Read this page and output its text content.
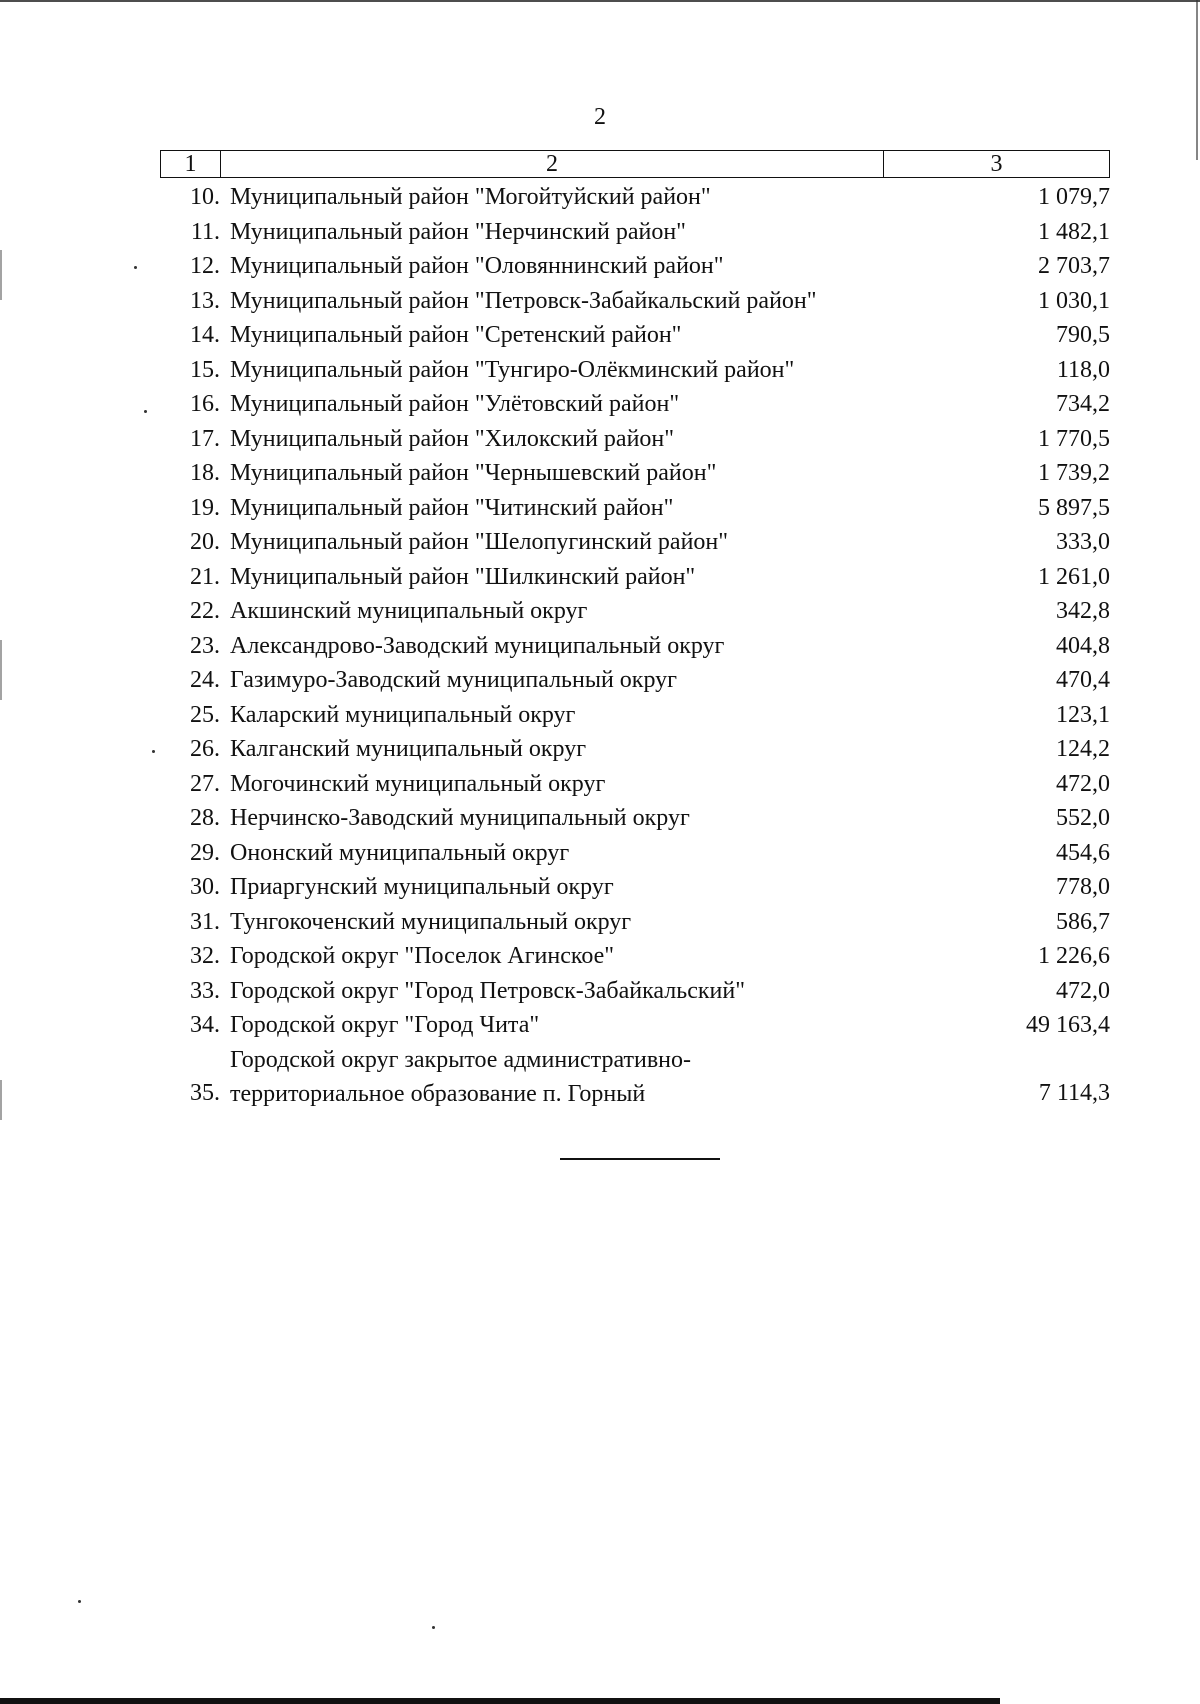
2
1	2	3
10. Муниципальный район "Могойтуйский район"	1 079,7
11. Муниципальный район "Нерчинский район"	1 482,1
12. Муниципальный район "Оловяннинский район"	2 703,7
13. Муниципальный район "Петровск-Забайкальский район"	1 030,1
14. Муниципальный район "Сретенский район"	790,5
15. Муниципальный район "Тунгиро-Олёкминский район"	118,0
16. Муниципальный район "Улётовский район"	734,2
17. Муниципальный район "Хилокский район"	1 770,5
18. Муниципальный район "Чернышевский район"	1 739,2
19. Муниципальный район "Читинский район"	5 897,5
20. Муниципальный район "Шелопугинский район"	333,0
21. Муниципальный район "Шилкинский район"	1 261,0
22. Акшинский муниципальный округ	342,8
23. Александрово-Заводский муниципальный округ	404,8
24. Газимуро-Заводский муниципальный округ	470,4
25. Каларский муниципальный округ	123,1
26. Калганский муниципальный округ	124,2
27. Могочинский муниципальный округ	472,0
28. Нерчинско-Заводский муниципальный округ	552,0
29. Ононский муниципальный округ	454,6
30. Приаргунский муниципальный округ	778,0
31. Тунгокоченский муниципальный округ	586,7
32. Городской округ "Поселок Агинское"	1 226,6
33. Городской округ "Город Петровск-Забайкальский"	472,0
34. Городской округ "Город Чита"	49 163,4
35.
Городской округ закрытое административно-
территориальное образование п. Горный	7 114,3
